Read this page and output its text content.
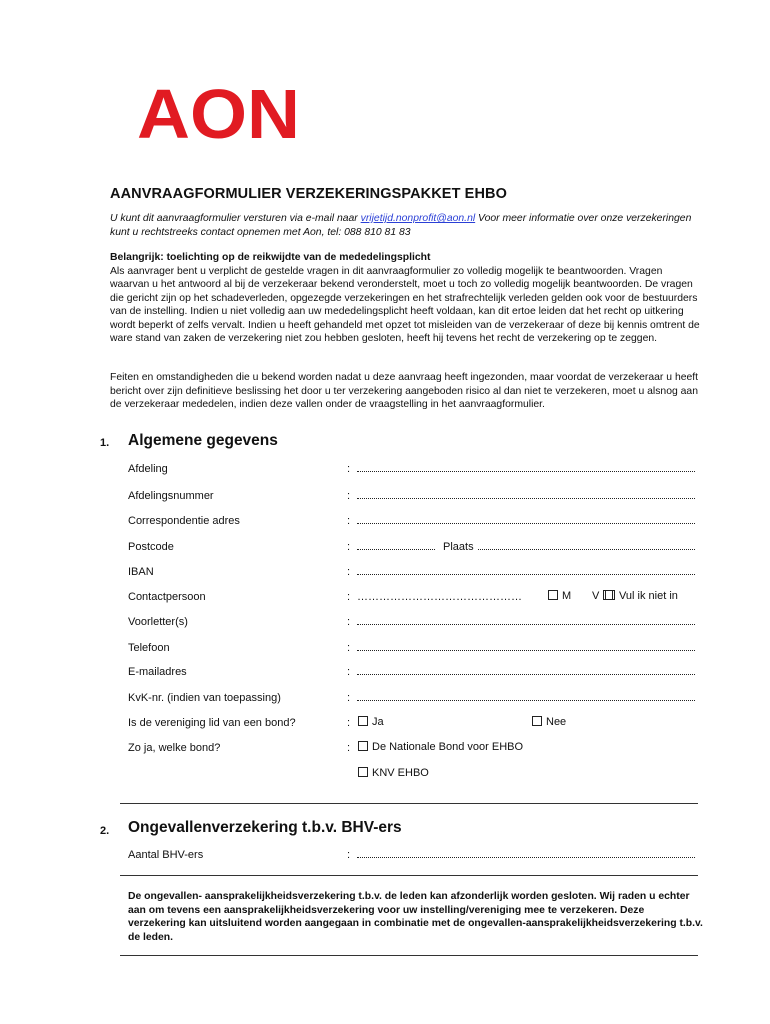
AON
AANVRAAGFORMULIER VERZEKERINGSPAKKET EHBO
U kunt dit aanvraagformulier versturen via e-mail naar vrijetijd.nonprofit@aon.nl Voor meer informatie over onze verzekeringen kunt u rechtstreeks contact opnemen met Aon, tel: 088 810 81 83
Belangrijk: toelichting op de reikwijdte van de mededelingsplicht
Als aanvrager bent u verplicht de gestelde vragen in dit aanvraagformulier zo volledig mogelijk te beantwoorden. Vragen waarvan u het antwoord al bij de verzekeraar bekend veronderstelt, moet u toch zo volledig mogelijk beantwoorden. De vragen die gericht zijn op het schadeverleden, opgezegde verzekeringen en het strafrechtelijk verleden gelden ook voor de bestuurders van de instelling. Indien u niet volledig aan uw mededelingsplicht heeft voldaan, kan dit ertoe leiden dat het recht op uitkering wordt beperkt of zelfs vervalt. Indien u heeft gehandeld met opzet tot misleiden van de verzekeraar of deze bij kennis omtrent de ware stand van zaken de verzekering niet zou hebben gesloten, heeft hij tevens het recht de verzekering op te zeggen.
Feiten en omstandigheden die u bekend worden nadat u deze aanvraag heeft ingezonden, maar voordat de verzekeraar u heeft bericht over zijn definitieve beslissing het door u ter verzekering aangeboden risico al dan niet te verzekeren, moet u alsnog aan de verzekeraar mededelen, indien deze vallen onder de vraagstelling in het aanvraagformulier.
1. Algemene gegevens
Afdeling	:
Afdelingsnummer	:
Correspondentie adres	:
Postcode	:	Plaats
IBAN	:
Contactpersoon	: ………………………………………	M V	Vul ik niet in
Voorletter(s)	:
Telefoon	:
E-mailadres	:
KvK-nr. (indien van toepassing)	:
Is de vereniging lid van een bond?	:	Ja	Nee
Zo ja, welke bond?	:	De Nationale Bond voor EHBO
KNV EHBO
2. Ongevallenverzekering t.b.v. BHV-ers
Aantal BHV-ers	:
De ongevallen- aansprakelijkheidsverzekering t.b.v. de leden kan afzonderlijk worden gesloten. Wij raden u echter aan om tevens een aansprakelijkheidsverzekering voor uw instelling/vereniging mee te verzekeren. Deze verzekering kan uitsluitend worden aangegaan in combinatie met de ongevallen-aansprakelijkheidsverzekering t.b.v. de leden.
